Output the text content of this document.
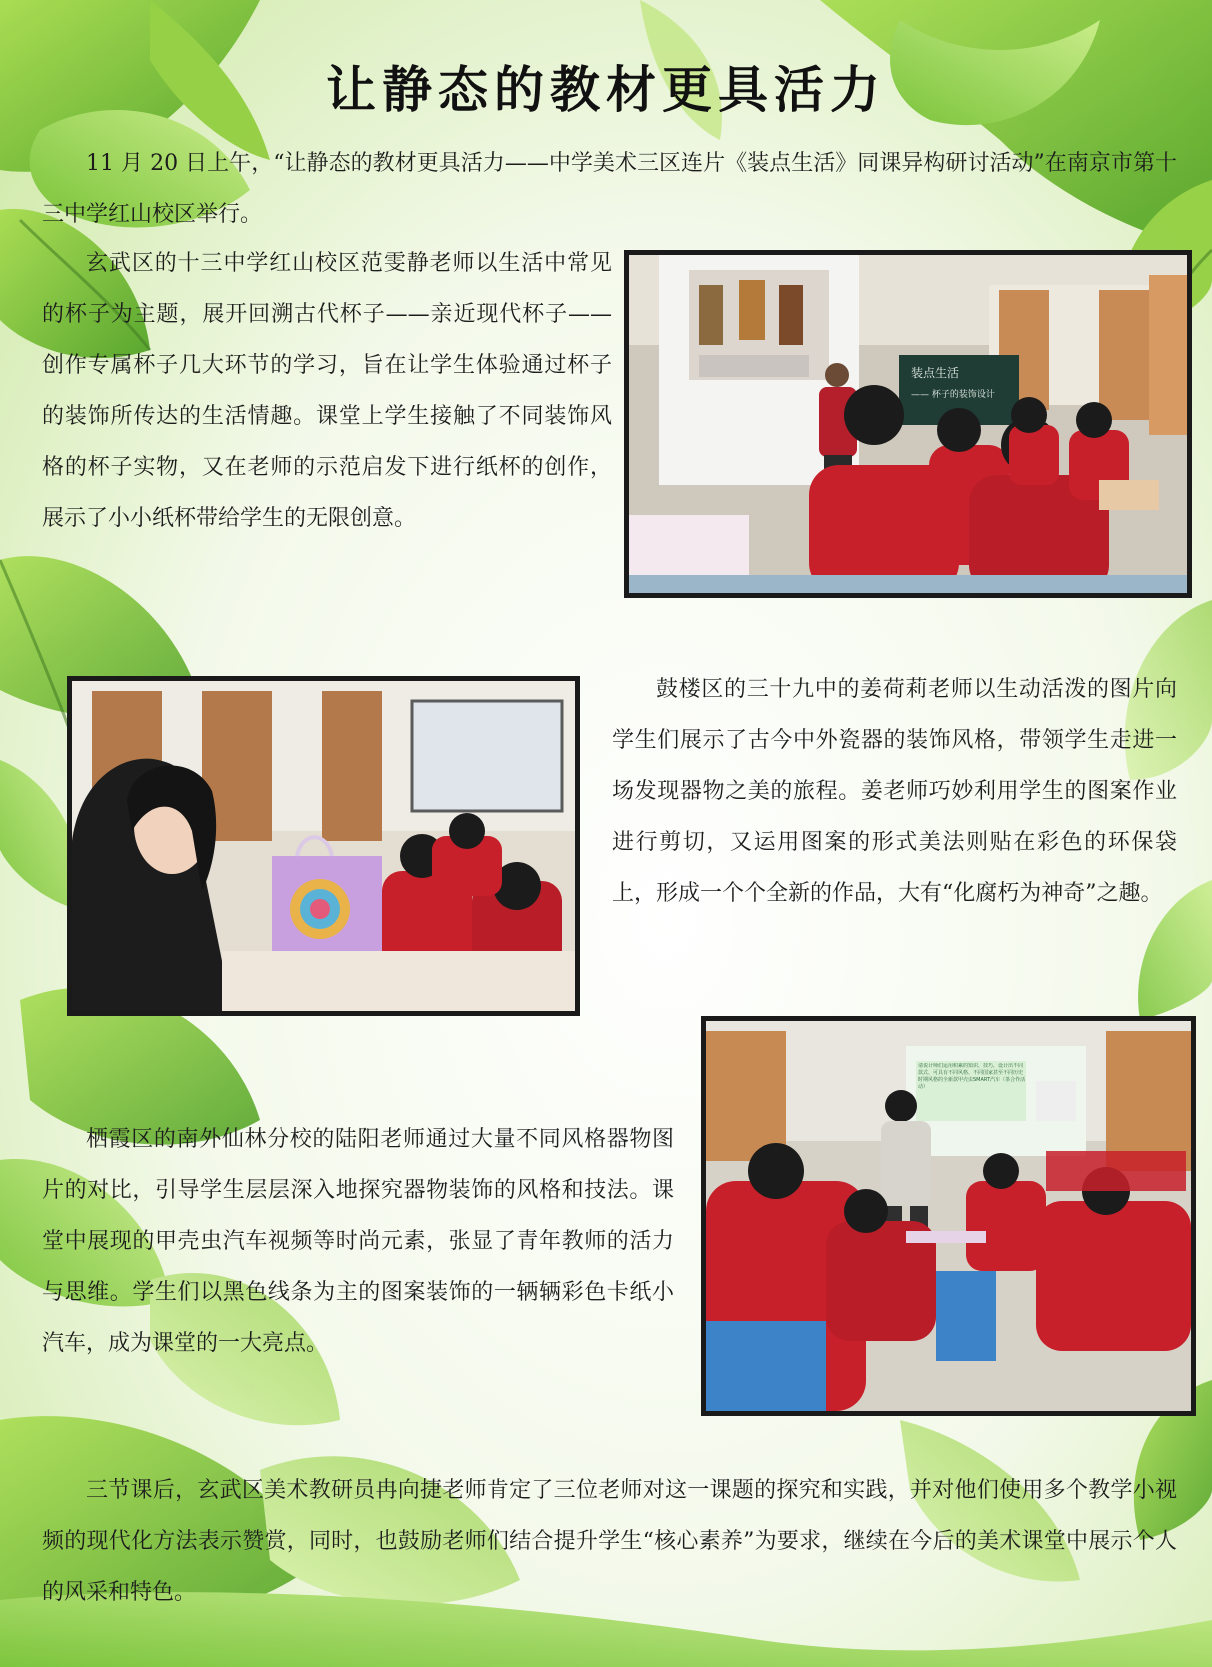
让静态的教材更具活力

11 月 20 日上午，“让静态的教材更具活力——中学美术三区连片《装点生活》同课异构研讨活动”在南京市第十三中学红山校区举行。

玄武区的十三中学红山校区范雯静老师以生活中常见的杯子为主题，展开回溯古代杯子——亲近现代杯子——创作专属杯子几大环节的学习，旨在让学生体验通过杯子的装饰所传达的生活情趣。课堂上学生接触了不同装饰风格的杯子实物，又在老师的示范启发下进行纸杯的创作，展示了小小纸杯带给学生的无限创意。

鼓楼区的三十九中的姜荷莉老师以生动活泼的图片向学生们展示了古今中外瓷器的装饰风格，带领学生走进一场发现器物之美的旅程。姜老师巧妙利用学生的图案作业进行剪切，又运用图案的形式美法则贴在彩色的环保袋上，形成一个个全新的作品，大有“化腐朽为神奇”之趣。

栖霞区的南外仙林分校的陆阳老师通过大量不同风格器物图片的对比，引导学生层层深入地探究器物装饰的风格和技法。课堂中展现的甲壳虫汽车视频等时尚元素，张显了青年教师的活力与思维。学生们以黑色线条为主的图案装饰的一辆辆彩色卡纸小汽车，成为课堂的一大亮点。

三节课后，玄武区美术教研员冉向捷老师肯定了三位老师对这一课题的探究和实践，并对他们使用多个教学小视频的现代化方法表示赞赏，同时，也鼓励老师们结合提升学生“核心素养”为要求，继续在今后的美术课堂中展示个人的风采和特色。

装点生活
—— 杯子的装饰设计
请说计师们运用积累的知识、技巧，设计出不同款式、可具有不同风格、不同国家甚至不同历史时期风格的全新款甲壳虫SMART汽车（茶合作活动）
